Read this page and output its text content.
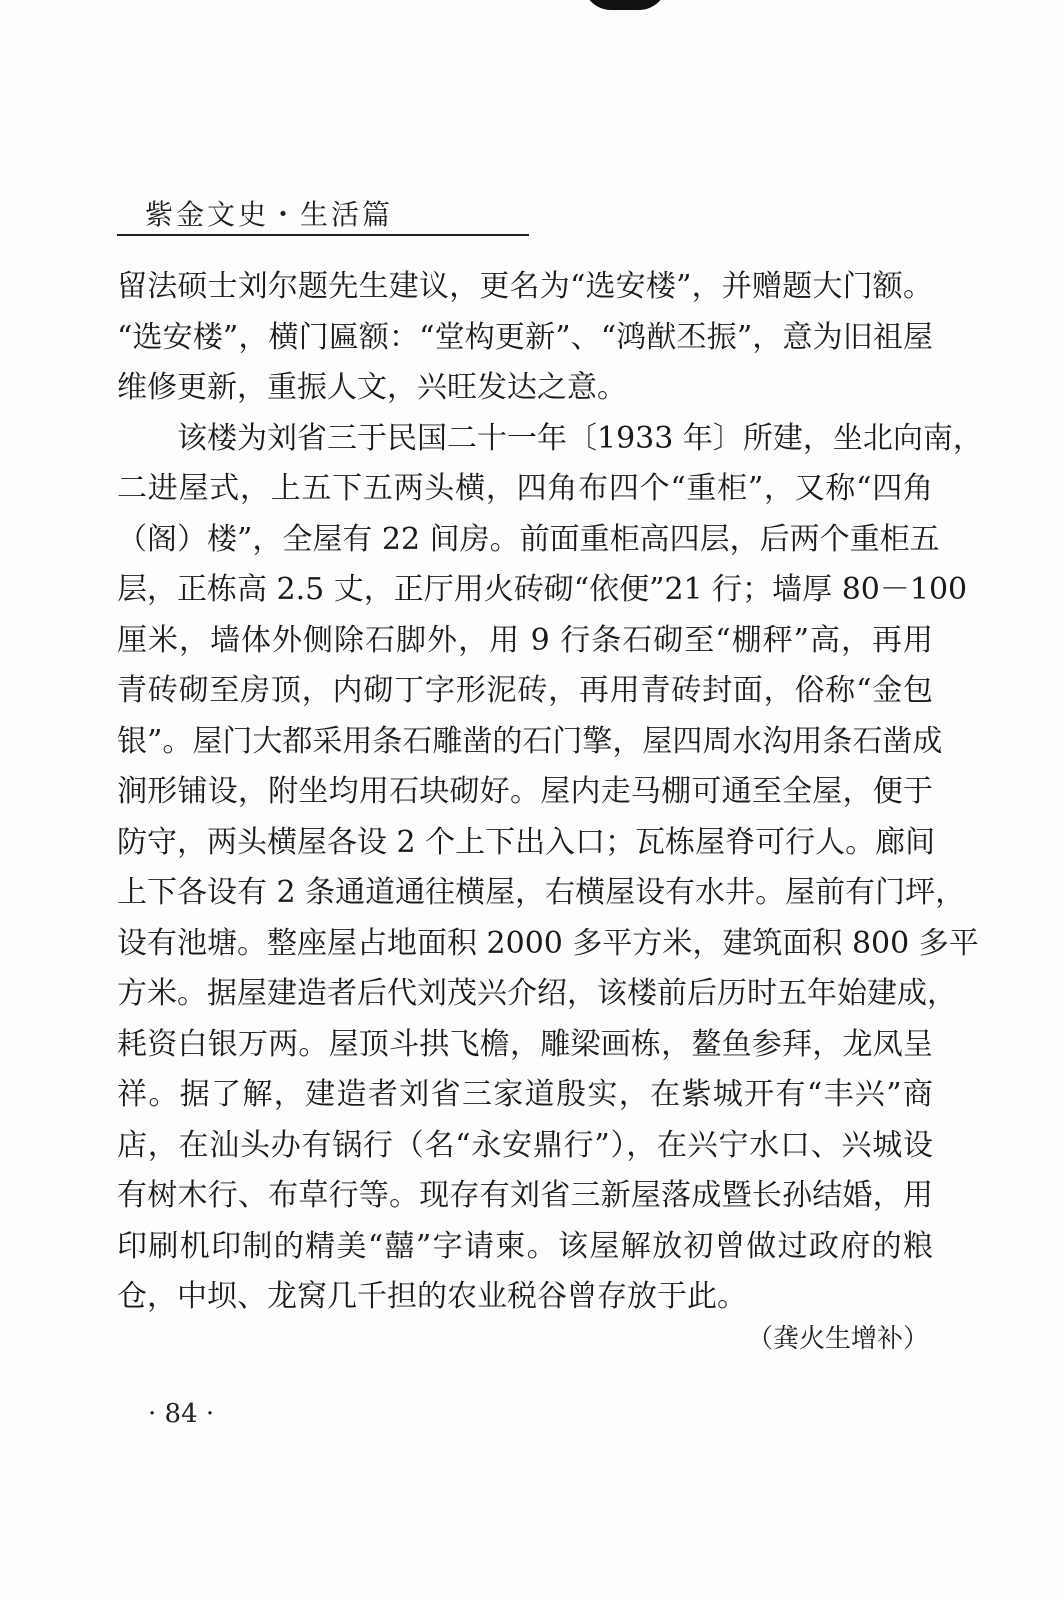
紫金文史・生活篇

留法硕士刘尔题先生建议，更名为“选安楼”，并赠题大门额。
“选安楼”，横门匾额：“堂构更新”、“鸿猷丕振”，意为旧祖屋
维修更新，重振人文，兴旺发达之意。

该楼为刘省三于民国二十一年〔1933 年〕所建，坐北向南，
二进屋式，上五下五两头横，四角布四个“重柜”，又称“四角
（阁）楼”，全屋有 22 间房。前面重柜高四层，后两个重柜五
层，正栋高 2.5 丈，正厅用火砖砌“依便”21 行；墙厚 80－100
厘米，墙体外侧除石脚外，用 9 行条石砌至“棚秤”高，再用
青砖砌至房顶，内砌丁字形泥砖，再用青砖封面，俗称“金包
银”。屋门大都采用条石雕凿的石门擎，屋四周水沟用条石凿成
涧形铺设，附坐均用石块砌好。屋内走马棚可通至全屋，便于
防守，两头横屋各设 2 个上下出入口；瓦栋屋脊可行人。廊间
上下各设有 2 条通道通往横屋，右横屋设有水井。屋前有门坪，
设有池塘。整座屋占地面积 2000 多平方米，建筑面积 800 多平
方米。据屋建造者后代刘茂兴介绍，该楼前后历时五年始建成，
耗资白银万两。屋顶斗拱飞檐，雕梁画栋，鳌鱼参拜，龙凤呈
祥。据了解，建造者刘省三家道殷实，在紫城开有“丰兴”商
店，在汕头办有锅行（名“永安鼎行”），在兴宁水口、兴城设
有树木行、布草行等。现存有刘省三新屋落成暨长孙结婚，用
印刷机印制的精美“囍”字请柬。该屋解放初曾做过政府的粮
仓，中坝、龙窝几千担的农业税谷曾存放于此。

（龚火生增补）
· 84 ·
